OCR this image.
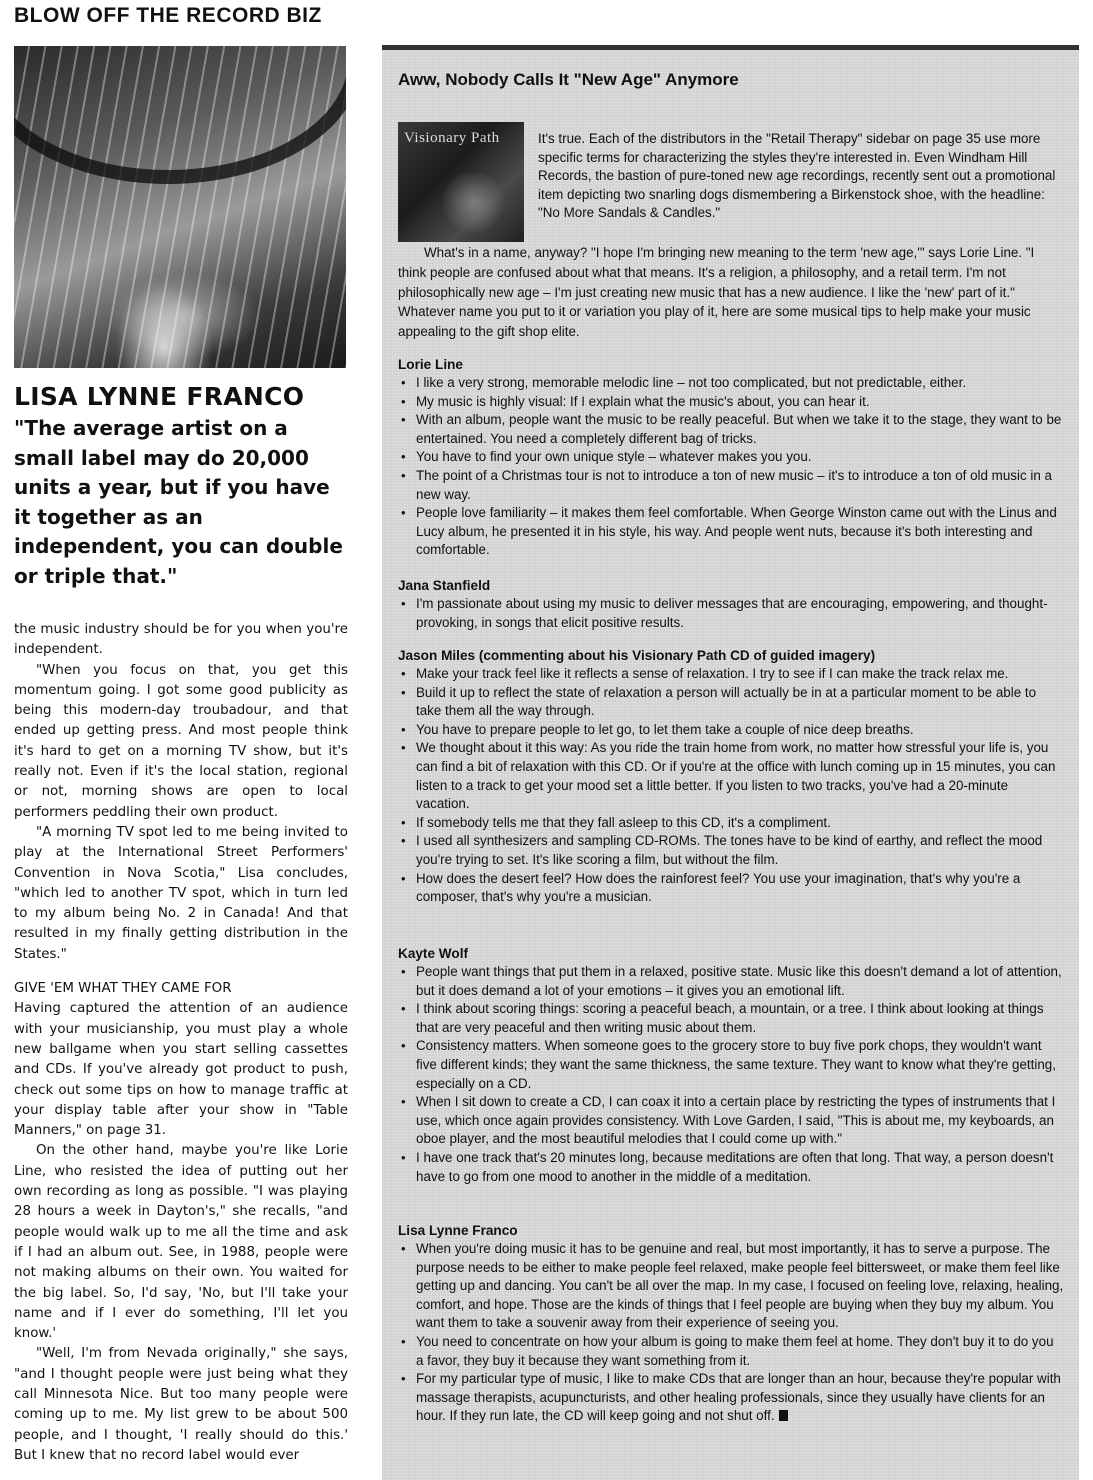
BLOW OFF THE RECORD BIZ
LISA LYNNE FRANCO
"The average artist on a small label may do 20,000 units a year, but if you have it together as an independent, you can double or triple that."

the music industry should be for you when you're independent.

"When you focus on that, you get this momentum going. I got some good publicity as being this modern-day troubadour, and that ended up getting press. And most people think it's hard to get on a morning TV show, but it's really not. Even if it's the local station, regional or not, morning shows are open to local performers peddling their own product.

"A morning TV spot led to me being invited to play at the International Street Performers' Convention in Nova Scotia," Lisa concludes, "which led to another TV spot, which in turn led to my album being No. 2 in Canada! And that resulted in my finally getting distribution in the States."

GIVE 'EM WHAT THEY CAME FOR

Having captured the attention of an audience with your musicianship, you must play a whole new ballgame when you start selling cassettes and CDs. If you've already got product to push, check out some tips on how to manage traffic at your display table after your show in "Table Manners," on page 31.

On the other hand, maybe you're like Lorie Line, who resisted the idea of putting out her own recording as long as possible. "I was playing 28 hours a week in Dayton's," she recalls, "and people would walk up to me all the time and ask if I had an album out. See, in 1988, people were not making albums on their own. You waited for the big label. So, I'd say, 'No, but I'll take your name and if I ever do something, I'll let you know.'

"Well, I'm from Nevada originally," she says, "and I thought people were just being what they call Minnesota Nice. But too many people were coming up to me. My list grew to be about 500 people, and I thought, 'I really should do this.' But I knew that no record label would ever

Aww, Nobody Calls It "New Age" Anymore
Visionary Path	It's true. Each of the distributors in the "Retail Therapy" sidebar on page 35 use more specific terms for characterizing the styles they're interested in. Even Windham Hill Records, the bastion of pure-toned new age recordings, recently sent out a promotional item depicting two snarling dogs dismembering a Birkenstock shoe, with the headline: "No More Sandals & Candles."
What's in a name, anyway? "I hope I'm bringing new meaning to the term 'new age,'" says Lorie Line. "I think people are confused about what that means. It's a religion, a philosophy, and a retail term. I'm not philosophically new age – I'm just creating new music that has a new audience. I like the 'new' part of it." Whatever name you put to it or variation you play of it, here are some musical tips to help make your music appealing to the gift shop elite.
Lorie Line
• I like a very strong, memorable melodic line – not too complicated, but not predictable, either.
• My music is highly visual: If I explain what the music's about, you can hear it.
• With an album, people want the music to be really peaceful. But when we take it to the stage, they want to be entertained. You need a completely different bag of tricks.
• You have to find your own unique style – whatever makes you you.
• The point of a Christmas tour is not to introduce a ton of new music – it's to introduce a ton of old music in a new way.
• People love familiarity – it makes them feel comfortable. When George Winston came out with the Linus and Lucy album, he presented it in his style, his way. And people went nuts, because it's both interesting and comfortable.
Jana Stanfield
• I'm passionate about using my music to deliver messages that are encouraging, empowering, and thought-provoking, in songs that elicit positive results.
Jason Miles (commenting about his Visionary Path CD of guided imagery)
• Make your track feel like it reflects a sense of relaxation. I try to see if I can make the track relax me.
• Build it up to reflect the state of relaxation a person will actually be in at a particular moment to be able to take them all the way through.
• You have to prepare people to let go, to let them take a couple of nice deep breaths.
• We thought about it this way: As you ride the train home from work, no matter how stressful your life is, you can find a bit of relaxation with this CD. Or if you're at the office with lunch coming up in 15 minutes, you can listen to a track to get your mood set a little better. If you listen to two tracks, you've had a 20-minute vacation.
• If somebody tells me that they fall asleep to this CD, it's a compliment.
• I used all synthesizers and sampling CD-ROMs. The tones have to be kind of earthy, and reflect the mood you're trying to set. It's like scoring a film, but without the film.
• How does the desert feel? How does the rainforest feel? You use your imagination, that's why you're a composer, that's why you're a musician.
Kayte Wolf
• People want things that put them in a relaxed, positive state. Music like this doesn't demand a lot of attention, but it does demand a lot of your emotions – it gives you an emotional lift.
• I think about scoring things: scoring a peaceful beach, a mountain, or a tree. I think about looking at things that are very peaceful and then writing music about them.
• Consistency matters. When someone goes to the grocery store to buy five pork chops, they wouldn't want five different kinds; they want the same thickness, the same texture. They want to know what they're getting, especially on a CD.
• When I sit down to create a CD, I can coax it into a certain place by restricting the types of instruments that I use, which once again provides consistency. With Love Garden, I said, "This is about me, my keyboards, an oboe player, and the most beautiful melodies that I could come up with."
• I have one track that's 20 minutes long, because meditations are often that long. That way, a person doesn't have to go from one mood to another in the middle of a meditation.
Lisa Lynne Franco
• When you're doing music it has to be genuine and real, but most importantly, it has to serve a purpose. The purpose needs to be either to make people feel relaxed, make people feel bittersweet, or make them feel like getting up and dancing. You can't be all over the map. In my case, I focused on feeling love, relaxing, healing, comfort, and hope. Those are the kinds of things that I feel people are buying when they buy my album. You want them to take a souvenir away from their experience of seeing you.
• You need to concentrate on how your album is going to make them feel at home. They don't buy it to do you a favor, they buy it because they want something from it.
• For my particular type of music, I like to make CDs that are longer than an hour, because they're popular with massage therapists, acupuncturists, and other healing professionals, since they usually have clients for an hour. If they run late, the CD will keep going and not shut off.
